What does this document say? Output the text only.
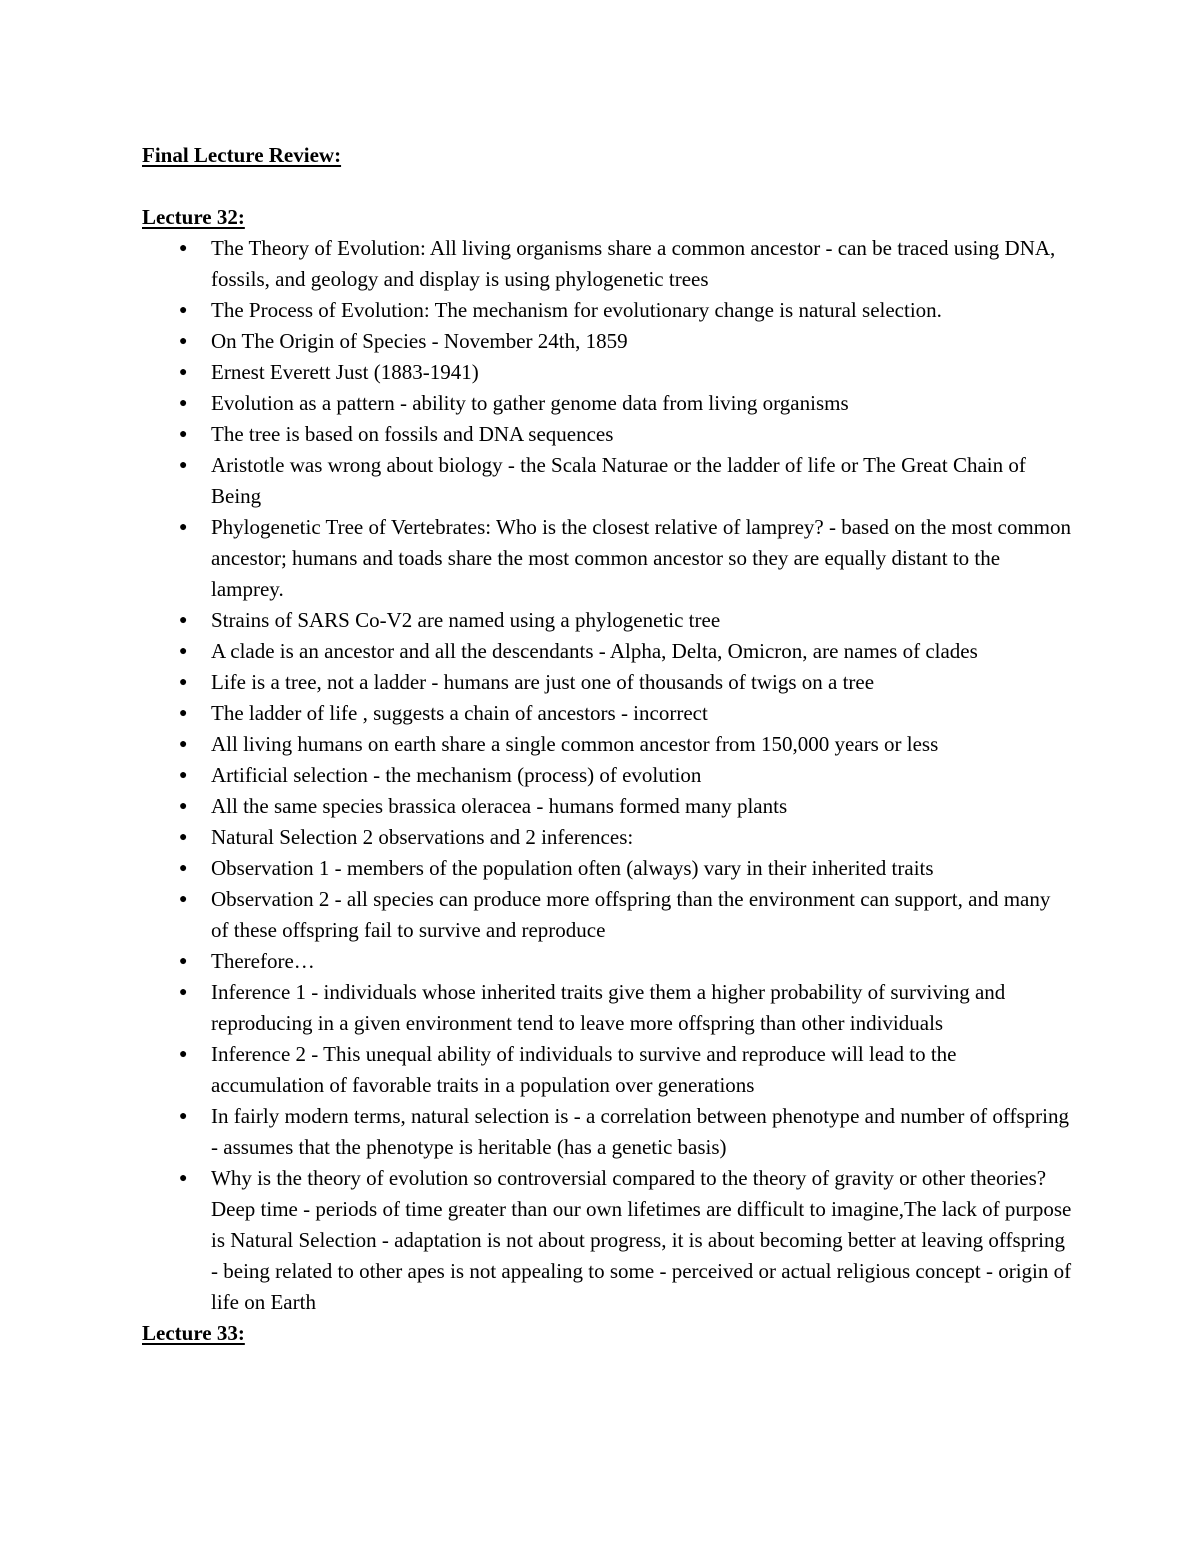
Final Lecture Review:
Lecture 32:
● The Theory of Evolution: All living organisms share a common ancestor - can be traced using DNA, fossils, and geology and display is using phylogenetic trees
● The Process of Evolution: The mechanism for evolutionary change is natural selection.
● On The Origin of Species - November 24th, 1859
● Ernest Everett Just (1883-1941)
● Evolution as a pattern - ability to gather genome data from living organisms
● The tree is based on fossils and DNA sequences
● Aristotle was wrong about biology - the Scala Naturae or the ladder of life or The Great Chain of Being
● Phylogenetic Tree of Vertebrates: Who is the closest relative of lamprey? - based on the most common ancestor; humans and toads share the most common ancestor so they are equally distant to the lamprey.
● Strains of SARS Co-V2 are named using a phylogenetic tree
● A clade is an ancestor and all the descendants - Alpha, Delta, Omicron, are names of clades
● Life is a tree, not a ladder - humans are just one of thousands of twigs on a tree
● The ladder of life , suggests a chain of ancestors - incorrect
● All living humans on earth share a single common ancestor from 150,000 years or less
● Artificial selection - the mechanism (process) of evolution
● All the same species brassica oleracea - humans formed many plants
● Natural Selection 2 observations and 2 inferences:
● Observation 1 - members of the population often (always) vary in their inherited traits
● Observation 2 - all species can produce more offspring than the environment can support, and many of these offspring fail to survive and reproduce
● Therefore…
● Inference 1 - individuals whose inherited traits give them a higher probability of surviving and reproducing in a given environment tend to leave more offspring than other individuals
● Inference 2 - This unequal ability of individuals to survive and reproduce will lead to the accumulation of favorable traits in a population over generations
● In fairly modern terms, natural selection is - a correlation between phenotype and number of offspring - assumes that the phenotype is heritable (has a genetic basis)
● Why is the theory of evolution so controversial compared to the theory of gravity or other theories? Deep time - periods of time greater than our own lifetimes are difficult to imagine,The lack of purpose is Natural Selection - adaptation is not about progress, it is about becoming better at leaving offspring - being related to other apes is not appealing to some - perceived or actual religious concept - origin of life on Earth
Lecture 33:
